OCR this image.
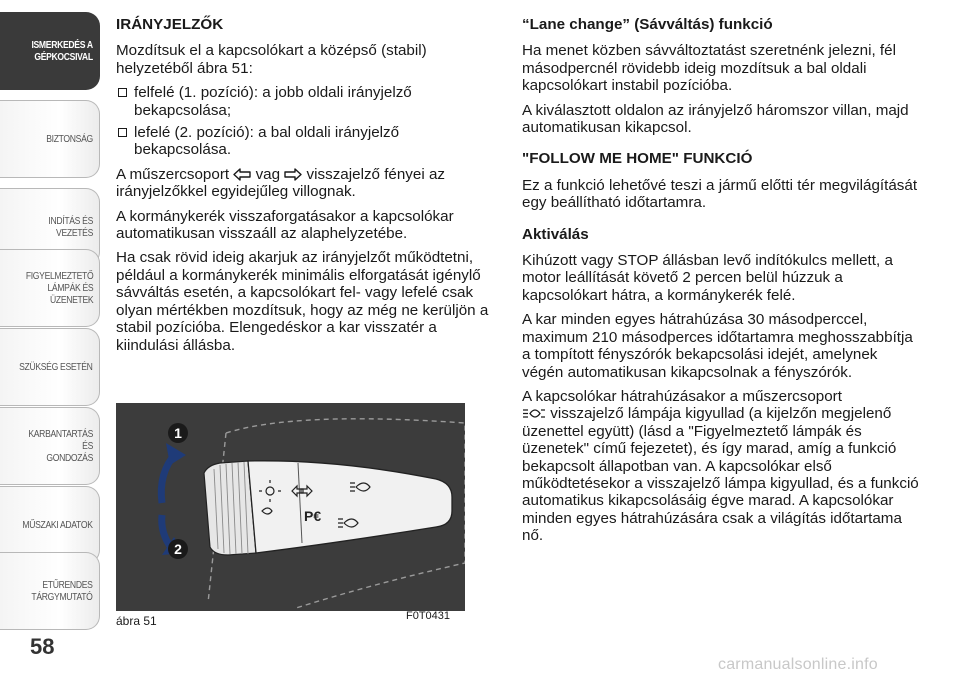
ISMERKEDÉS A
GÉPKOCSIVAL
BIZTONSÁG
INDÍTÁS ÉS VEZETÉS
FIGYELMEZTETŐ
LÁMPÁK ÉS
ÜZENETEK
SZÜKSÉG ESETÉN
KARBANTARTÁS ÉS
GONDOZÁS
MŰSZAKI ADATOK
ETŰRENDES
TÁRGYMUTATÓ
58
IRÁNYJELZŐK

Mozdítsuk el a kapcsolókart a középső (stabil) helyzetéből ábra 51:

felfelé (1. pozíció): a jobb oldali irányjelző bekapcsolása;
lefelé (2. pozíció): a bal oldali irányjelző bekapcsolása.

A műszercsoport vag visszajelző fényei az irányjelzőkkel egyidejűleg villognak.

A kormánykerék visszaforgatásakor a kapcsolókar automatikusan visszaáll az alaphelyzetébe.

Ha csak rövid ideig akarjuk az irányjelzőt működtetni, például a kormánykerék minimális elforgatását igénylő sávváltás esetén, a kapcsolókart fel- vagy lefelé csak olyan mértékben mozdítsuk, hogy az még ne kerüljön a stabil pozícióba. Elengedéskor a kar visszatér a kiindulási állásba.

P€
1
2
ábra 51	F0T0431
“Lane change” (Sávváltás) funkció

Ha menet közben sávváltoztatást szeretnénk jelezni, fél másodpercnél rövidebb ideig mozdítsuk a bal oldali kapcsolókart instabil pozícióba.

A kiválasztott oldalon az irányjelző háromszor villan, majd automatikusan kikapcsol.

"FOLLOW ME HOME" FUNKCIÓ

Ez a funkció lehetővé teszi a jármű előtti tér megvilágítását egy beállítható időtartamra.

Aktiválás

Kihúzott vagy STOP állásban levő indítókulcs mellett, a motor leállítását követő 2 percen belül húzzuk a kapcsolókart hátra, a kormánykerék felé.

A kar minden egyes hátrahúzása 30 másodperccel, maximum 210 másodperces időtartamra meghosszabbítja a tompított fényszórók bekapcsolási idejét, amelynek végén automatikusan kikapcsolnak a fényszórók.

A kapcsolókar hátrahúzásakor a műszercsoport
visszajelző lámpája kigyullad (a kijelzőn megjelenő üzenettel együtt) (lásd a "Figyelmeztető lámpák és üzenetek" című fejezetet), és így marad, amíg a funkció bekapcsolt állapotban van. A kapcsolókar első működtetésekor a visszajelző lámpa kigyullad, és a funkció automatikus kikapcsolásáig égve marad. A kapcsolókar minden egyes hátrahúzására csak a világítás időtartama nő.

carmanualsonline.info
